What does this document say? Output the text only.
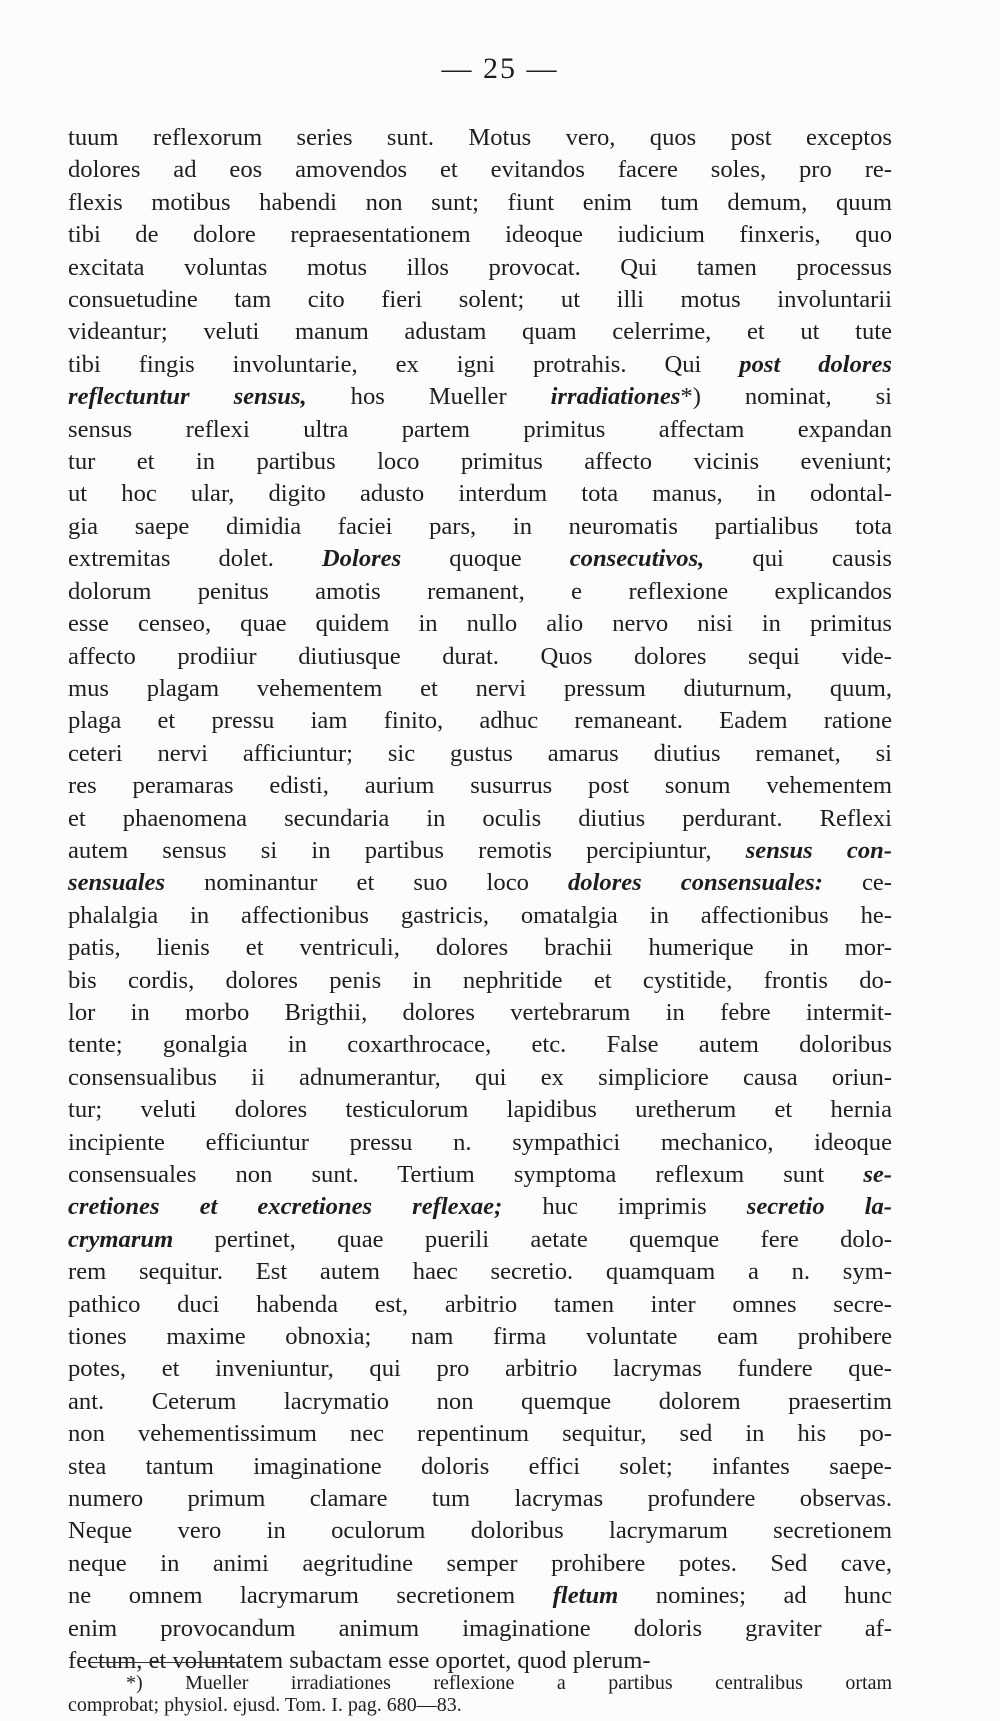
— 25 —
tuum reflexorum series sunt. Motus vero, quos post exceptos
dolores ad eos amovendos et evitandos facere soles, pro re-
flexis motibus habendi non sunt; fiunt enim tum demum, quum
tibi de dolore repraesentationem ideoque iudicium finxeris, quo
excitata voluntas motus illos provocat. Qui tamen processus
consuetudine tam cito fieri solent; ut illi motus involuntarii
videantur; veluti manum adustam quam celerrime, et ut tute
tibi fingis involuntarie, ex igni protrahis. Qui post dolores
reflectuntur sensus, hos Mueller irradiationes*) nominat, si
sensus reflexi ultra partem primitus affectam expandan
tur et in partibus loco primitus affecto vicinis eveniunt;
ut hoc ular, digito adusto interdum tota manus, in odontal-
gia saepe dimidia faciei pars, in neuromatis partialibus tota
extremitas dolet. Dolores quoque consecutivos, qui causis
dolorum penitus amotis remanent, e reflexione explicandos
esse censeo, quae quidem in nullo alio nervo nisi in primitus
affecto prodiiur diutiusque durat. Quos dolores sequi vide-
mus plagam vehementem et nervi pressum diuturnum, quum,
plaga et pressu iam finito, adhuc remaneant. Eadem ratione
ceteri nervi afficiuntur; sic gustus amarus diutius remanet, si
res peramaras edisti, aurium susurrus post sonum vehementem
et phaenomena secundaria in oculis diutius perdurant. Reflexi
autem sensus si in partibus remotis percipiuntur, sensus con-
sensuales nominantur et suo loco dolores consensuales: ce-
phalalgia in affectionibus gastricis, omatalgia in affectionibus he-
patis, lienis et ventriculi, dolores brachii humerique in mor-
bis cordis, dolores penis in nephritide et cystitide, frontis do-
lor in morbo Brigthii, dolores vertebrarum in febre intermit-
tente; gonalgia in coxarthrocace, etc. False autem doloribus
consensualibus ii adnumerantur, qui ex simpliciore causa oriun-
tur; veluti dolores testiculorum lapidibus uretherum et hernia
incipiente efficiuntur pressu n. sympathici mechanico, ideoque
consensuales non sunt. Tertium symptoma reflexum sunt se-
cretiones et excretiones reflexae; huc imprimis secretio la-
crymarum pertinet, quae puerili aetate quemque fere dolo-
rem sequitur. Est autem haec secretio. quamquam a n. sym-
pathico duci habenda est, arbitrio tamen inter omnes secre-
tiones maxime obnoxia; nam firma voluntate eam prohibere
potes, et inveniuntur, qui pro arbitrio lacrymas fundere que-
ant. Ceterum lacrymatio non quemque dolorem praesertim
non vehementissimum nec repentinum sequitur, sed in his po-
stea tantum imaginatione doloris effici solet; infantes saepe-
numero primum clamare tum lacrymas profundere observas.
Neque vero in oculorum doloribus lacrymarum secretionem
neque in animi aegritudine semper prohibere potes. Sed cave,
ne omnem lacrymarum secretionem fletum nomines; ad hunc
enim provocandum animum imaginatione doloris graviter af-
fectum, et voluntatem subactam esse oportet, quod plerum-
*) Mueller irradiationes reflexione a partibus centralibus ortam
comprobat; physiol. ejusd. Tom. I. pag. 680—83.
